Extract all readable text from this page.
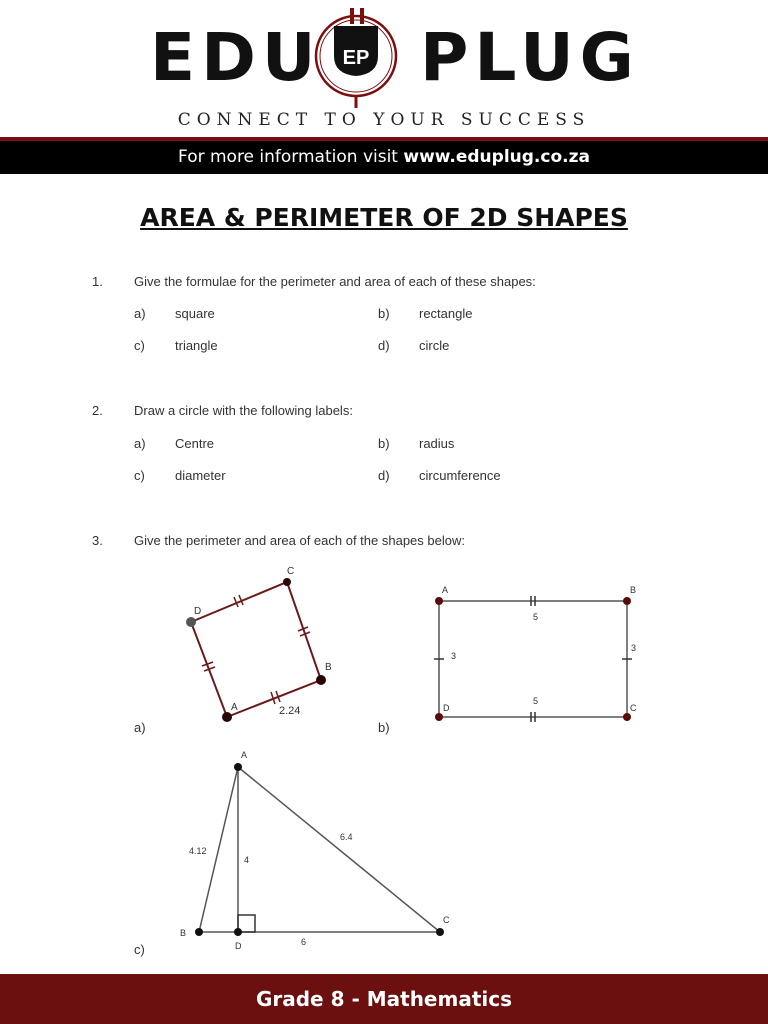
EDU EP PLUG
CONNECT TO YOUR SUCCESS
For more information visit www.eduplug.co.za
AREA & PERIMETER OF 2D SHAPES
1. Give the formulae for the perimeter and area of each of these shapes:
a) square	b) rectangle
c) triangle	d) circle
2. Draw a circle with the following labels:
a) Centre	b) radius
c) diameter	d) circumference
3. Give the perimeter and area of each of the shapes below:
a)	b)
c)
D
C
B
A	2.24
A	B
C
D
5
5
3
3
A
B
C
D
4.12
4
6.4
6
Grade 8 - Mathematics
